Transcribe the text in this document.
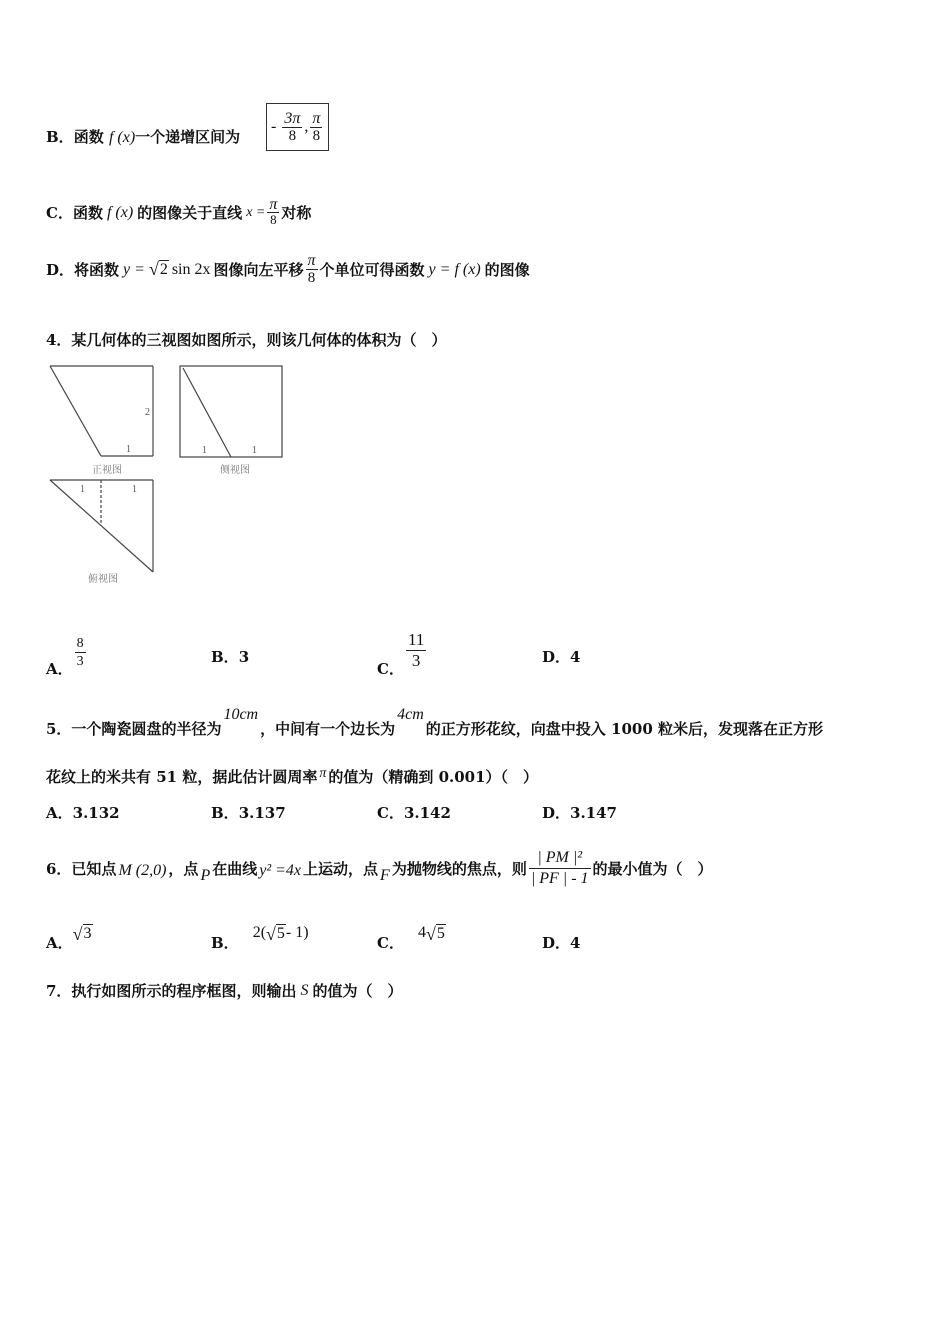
B．函数 f (x)一个递增区间为
- $\frac{3\pi}{8}$ , $\frac{\pi}{8}$
C． 函数 f (x) 的图像关于直线 $x = \frac{\pi}{8}$ 对称
D． 将函数 y = √ 2 sin 2x 图像向左平移 $\frac{\pi}{8}$ 个单位可得函数 y = f (x) 的图像
4．某几何体的三视图如图所示，则该几何体的体积为（　）
2
1
正视图
1	1
侧视图
1	1
俯视图
A． $\frac{8}{3}$	B．3
C． $\frac{11}{3}$	D．4
5．一个陶瓷圆盘的半径为
10cm
，中间有一个边长为
4cm
的正方形花纹，向盘中投入 1000 粒米后，发现落在正方形
花纹上的米共有 51 粒，据此估计圆周率 π 的值为（精确到 0.001）（　）
A．3.132	B．3.137	C．3.142	D．3.147
6．已知点 M (2,0) ，点 P 在曲线 y² =4x 上运动，点 F 为抛物线的焦点，则 $\frac{\text{| PM |²}}{| PF | - 1}$ 的最小值为（　）
A． √ 3
B．
2( √ 5 - 1)
C．
4 √ 5
D．4
7．执行如图所示的程序框图，则输出 S 的值为（　）
